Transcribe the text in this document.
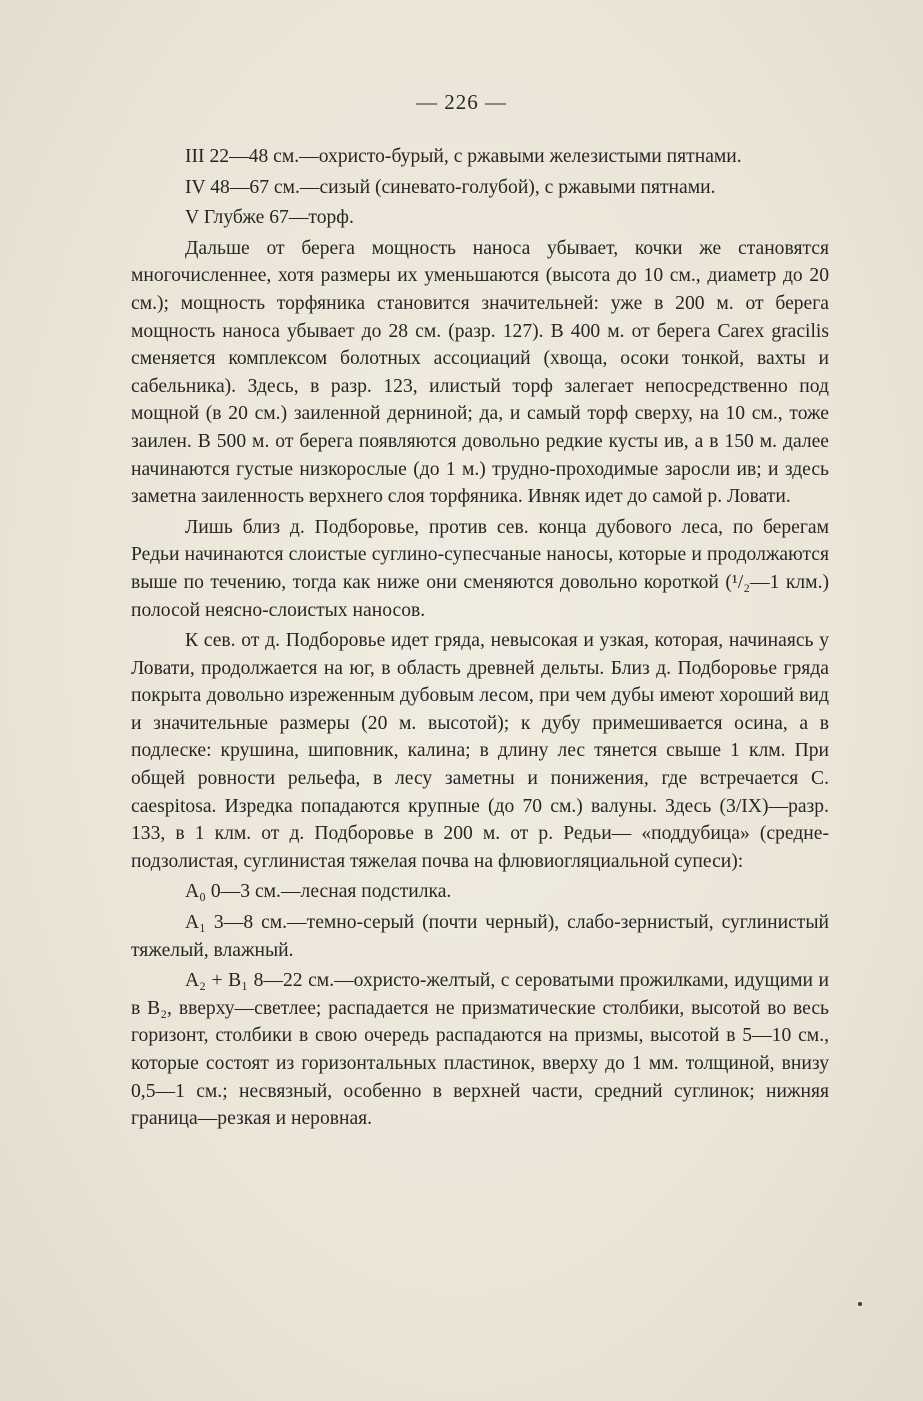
— 226 —

III 22—48 см.—охристо-бурый, с ржавыми железистыми пятнами.

IV 48—67 см.—сизый (синевато-голубой), с ржавыми пятнами.

V Глубже 67—торф.

Дальше от берега мощность наноса убывает, кочки же становятся многочисленнее, хотя размеры их уменьшаются (высота до 10 см., диаметр до 20 см.); мощность торфяника становится значительней: уже в 200 м. от берега мощность наноса убывает до 28 см. (разр. 127). В 400 м. от берега Carex gracilis сменяется комплексом болотных ассоциаций (хвоща, осоки тонкой, вахты и сабельника). Здесь, в разр. 123, илистый торф залегает непосредственно под мощной (в 20 см.) заиленной дерниной; да, и самый торф сверху, на 10 см., тоже заилен. В 500 м. от берега появляются довольно редкие кусты ив, а в 150 м. далее начинаются густые низкорослые (до 1 м.) трудно-проходимые заросли ив; и здесь заметна заиленность верхнего слоя торфяника. Ивняк идет до самой р. Ловати.

Лишь близ д. Подборовье, против сев. конца дубового леса, по берегам Редьи начинаются слоистые суглино-супесчаные наносы, которые и продолжаются выше по течению, тогда как ниже они сменяются довольно короткой (¹/₂—1 клм.) полосой неясно-слоистых наносов.

К сев. от д. Подборовье идет гряда, невысокая и узкая, которая, начинаясь у Ловати, продолжается на юг, в область древней дельты. Близ д. Подборовье гряда покрыта довольно изреженным дубовым лесом, при чем дубы имеют хороший вид и значительные размеры (20 м. высотой); к дубу примешивается осина, а в подлеске: крушина, шиповник, калина; в длину лес тянется свыше 1 клм. При общей ровности рельефа, в лесу заметны и понижения, где встречается C. caespitosa. Изредка попадаются крупные (до 70 см.) валуны. Здесь (3/IX)—разр. 133, в 1 клм. от д. Подборовье в 200 м. от р. Редьи— «поддубица» (средне-подзолистая, суглинистая тяжелая почва на флювиогляциальной супеси):

A₀ 0—3 см.—лесная подстилка.

A₁ 3—8 см.—темно-серый (почти черный), слабо-зернистый, суглинистый тяжелый, влажный.

A₂ + B₁ 8—22 см.—охристо-желтый, с сероватыми прожилками, идущими и в B₂, вверху—светлее; распадается не призматические столбики, высотой во весь горизонт, столбики в свою очередь распадаются на призмы, высотой в 5—10 см., которые состоят из горизонтальных пластинок, вверху до 1 мм. толщиной, внизу 0,5—1 см.; несвязный, особенно в верхней части, средний суглинок; нижняя граница—резкая и неровная.
